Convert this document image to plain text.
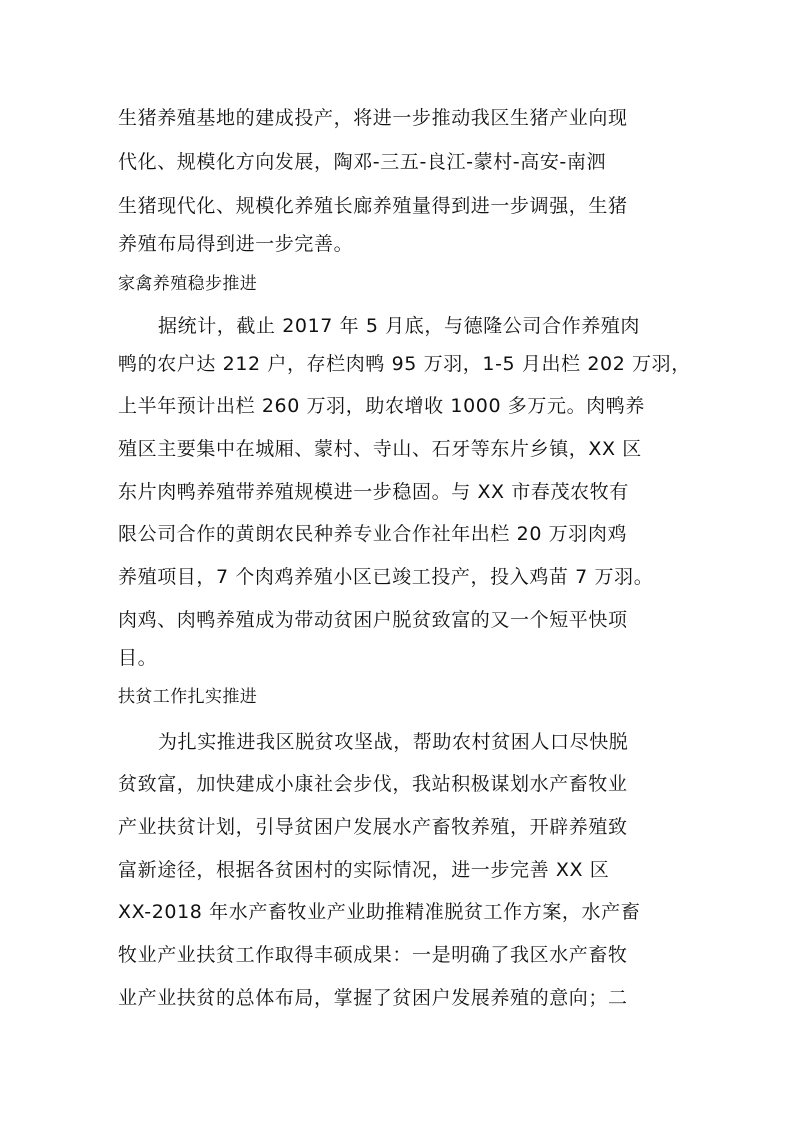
生猪养殖基地的建成投产，将进一步推动我区生猪产业向现
代化、规模化方向发展，陶邓-三五-良江-蒙村-高安-南泗
生猪现代化、规模化养殖长廊养殖量得到进一步调强，生猪
养殖布局得到进一步完善。
家禽养殖稳步推进
据统计，截止 2017 年 5 月底，与德隆公司合作养殖肉
鸭的农户达 212 户，存栏肉鸭 95 万羽，1-5 月出栏 202 万羽，
上半年预计出栏 260 万羽，助农增收 1000 多万元。肉鸭养
殖区主要集中在城厢、蒙村、寺山、石牙等东片乡镇，XX 区
东片肉鸭养殖带养殖规模进一步稳固。与 XX 市春茂农牧有
限公司合作的黄朗农民种养专业合作社年出栏 20 万羽肉鸡
养殖项目，7 个肉鸡养殖小区已竣工投产，投入鸡苗 7 万羽。
肉鸡、肉鸭养殖成为带动贫困户脱贫致富的又一个短平快项
目。
扶贫工作扎实推进
为扎实推进我区脱贫攻坚战，帮助农村贫困人口尽快脱
贫致富，加快建成小康社会步伐，我站积极谋划水产畜牧业
产业扶贫计划，引导贫困户发展水产畜牧养殖，开辟养殖致
富新途径，根据各贫困村的实际情况，进一步完善 XX 区
XX-2018 年水产畜牧业产业助推精准脱贫工作方案，水产畜
牧业产业扶贫工作取得丰硕成果：一是明确了我区水产畜牧
业产业扶贫的总体布局，掌握了贫困户发展养殖的意向；二
